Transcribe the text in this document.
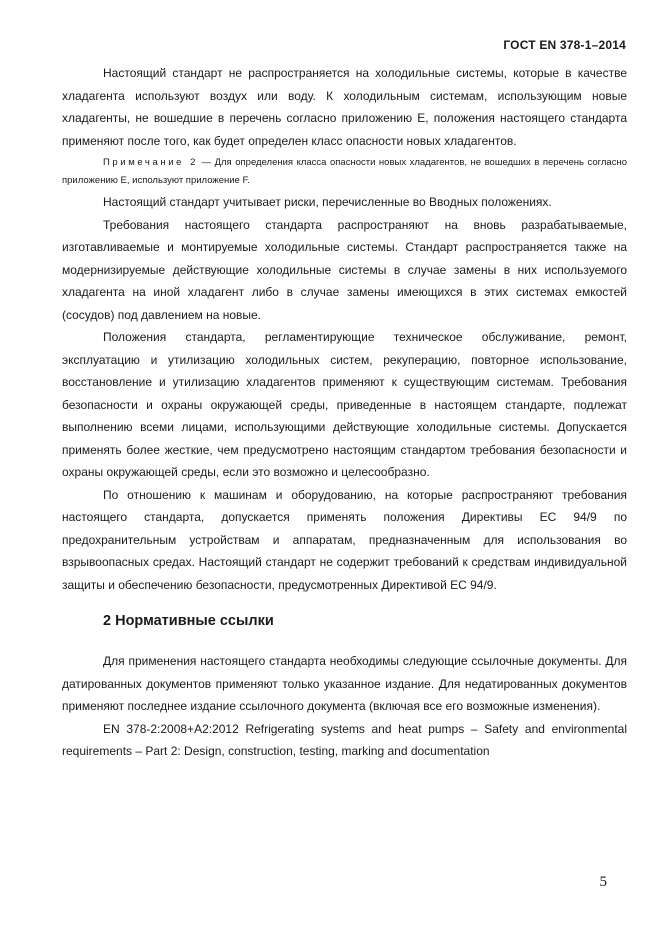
ГОСТ EN 378-1–2014

Настоящий стандарт не распространяется на холодильные системы, которые в качестве хладагента используют воздух или воду. К холодильным системам, использующим новые хладагенты, не вошедшие в перечень согласно приложению Е, положения настоящего стандарта применяют после того, как будет определен класс опасности новых хладагентов.

Примечание 2 — Для определения класса опасности новых хладагентов, не вошедших в перечень согласно приложению Е, используют приложение F.

Настоящий стандарт учитывает риски, перечисленные во Вводных положениях.

Требования настоящего стандарта распространяют на вновь разрабатываемые, изготавливаемые и монтируемые холодильные системы. Стандарт распространяется также на модернизируемые действующие холодильные системы в случае замены в них используемого хладагента на иной хладагент либо в случае замены имеющихся в этих системах емкостей (сосудов) под давлением на новые.

Положения стандарта, регламентирующие техническое обслуживание, ремонт, эксплуатацию и утилизацию холодильных систем, рекуперацию, повторное использование, восстановление и утилизацию хладагентов применяют к существующим системам. Требования безопасности и охраны окружающей среды, приведенные в настоящем стандарте, подлежат выполнению всеми лицами, использующими действующие холодильные системы. Допускается применять более жесткие, чем предусмотрено настоящим стандартом требования безопасности и охраны окружающей среды, если это возможно и целесообразно.

По отношению к машинам и оборудованию, на которые распространяют требования настоящего стандарта, допускается применять положения Директивы ЕС 94/9 по предохранительным устройствам и аппаратам, предназначенным для использования во взрывоопасных средах. Настоящий стандарт не содержит требований к средствам индивидуальной защиты и обеспечению безопасности, предусмотренных Директивой ЕС 94/9.

2 Нормативные ссылки

Для применения настоящего стандарта необходимы следующие ссылочные документы. Для датированных документов применяют только указанное издание. Для недатированных документов применяют последнее издание ссылочного документа (включая все его возможные изменения).

EN 378-2:2008+A2:2012 Refrigerating systems and heat pumps – Safety and environmental requirements – Part 2: Design, construction, testing, marking and documentation

5
